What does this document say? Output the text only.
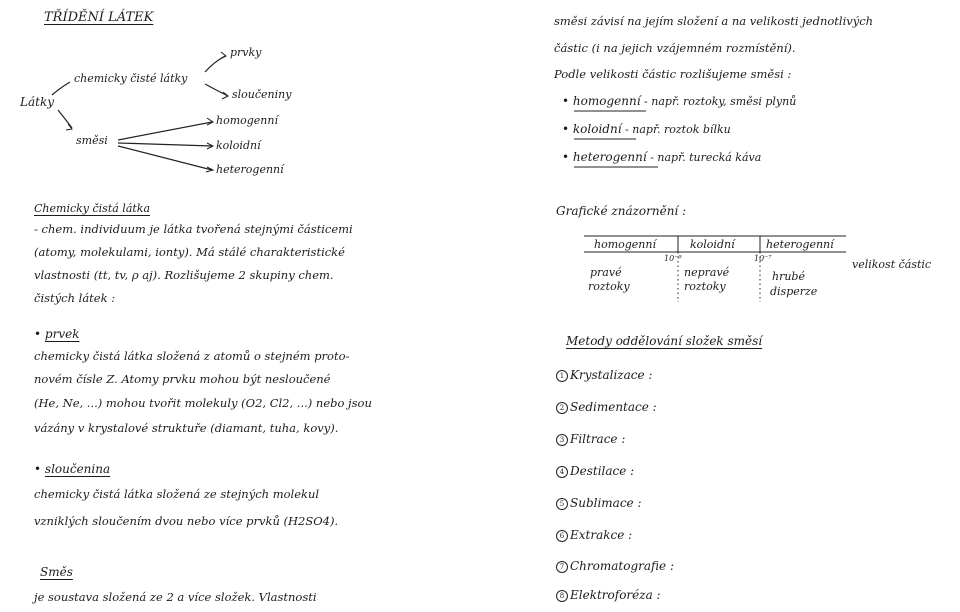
TŘÍDĚNÍ LÁTEK
Látky
chemicky čisté látky
prvky
sloučeniny
směsi
homogenní
koloidní
heterogenní
Chemicky čistá látka
- chem. individuum je látka tvořená stejnými částicemi
(atomy, molekulami, ionty). Má stálé charakteristické
vlastnosti (tt, tv, ρ aj). Rozlišujeme 2 skupiny chem.
čistých látek :
• prvek
chemicky čistá látka složená z atomů o stejném proto-
novém čísle Z. Atomy prvku mohou být nesloučené
(He, Ne, ...) mohou tvořit molekuly (O2, Cl2, ...) nebo jsou
vázány v krystalové struktuře (diamant, tuha, kovy).
• sloučenina
chemicky čistá látka složená ze stejných molekul
vzniklých sloučením dvou nebo více prvků (H2SO4).
Směs
je soustava složená ze 2 a více složek. Vlastnosti
směsi závisí na jejím složení a na velikosti jednotlivých
částic (i na jejich vzájemném rozmístění).
Podle velikosti částic rozlišujeme směsi :
• homogenní - např. roztoky, směsi plynů
• koloidní - např. roztok bílku
• heterogenní - např. turecká káva
Grafické znázornění :
homogenní	koloidní	heterogenní
velikost částic
10⁻⁹	10⁻⁷
pravé
roztoky
nepravé
roztoky
hrubé
disperze
Metody oddělování složek směsí
1 Krystalizace :
2 Sedimentace :
3 Filtrace :
4 Destilace :
5 Sublimace :
6 Extrakce :
7 Chromatografie :
8 Elektroforéza :
